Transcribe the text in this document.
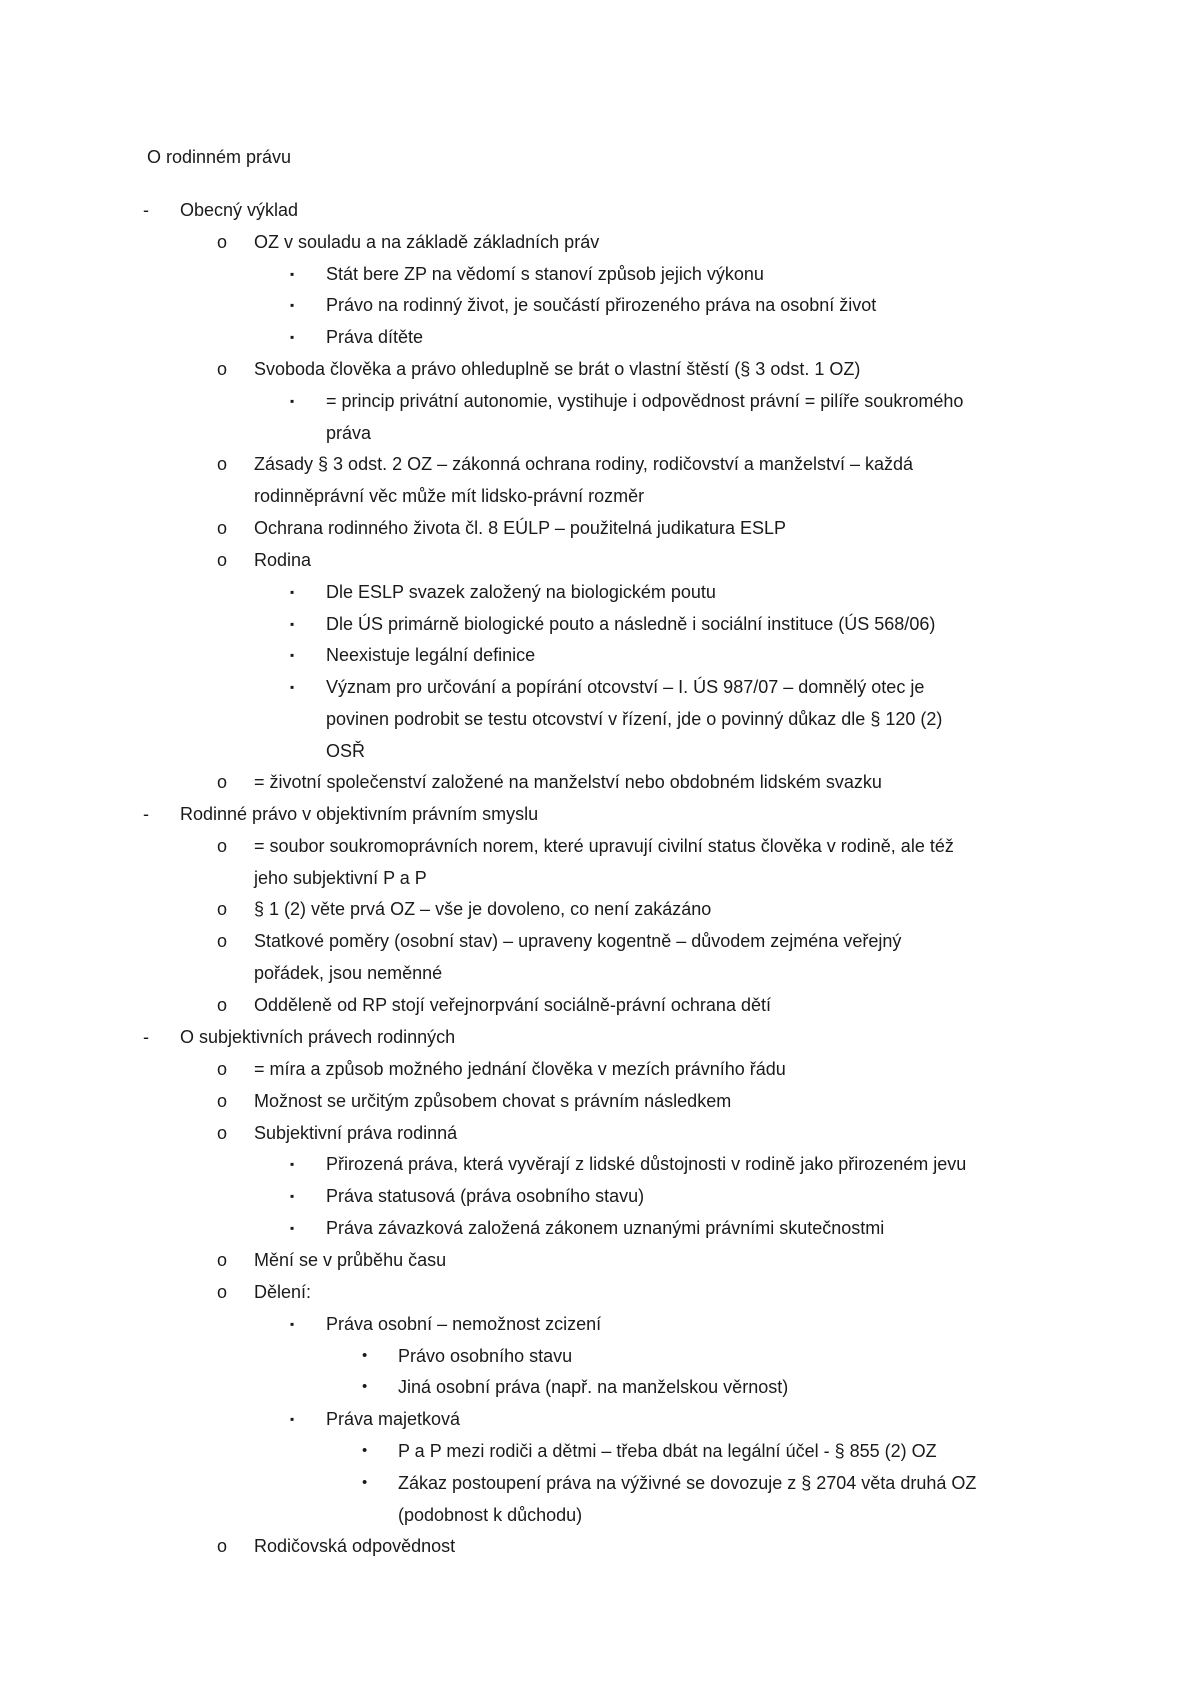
O rodinném právu
- Obecný výklad
o OZ v souladu a na základě základních práv
▪ Stát bere ZP na vědomí s stanoví způsob jejich výkonu
▪ Právo na rodinný život, je součástí přirozeného práva na osobní život
▪ Práva dítěte
o Svoboda člověka a právo ohleduplně se brát o vlastní štěstí (§ 3 odst. 1 OZ)
▪ = princip privátní autonomie, vystihuje i odpovědnost právní = pilíře soukromého
práva
o Zásady § 3 odst. 2 OZ – zákonná ochrana rodiny, rodičovství a manželství – každá
rodinněprávní věc může mít lidsko-právní rozměr
o Ochrana rodinného života čl. 8 EÚLP – použitelná judikatura ESLP
o Rodina
▪ Dle ESLP svazek založený na biologickém poutu
▪ Dle ÚS primárně biologické pouto a následně i sociální instituce (ÚS 568/06)
▪ Neexistuje legální definice
▪ Význam pro určování a popírání otcovství – I. ÚS 987/07 – domnělý otec je
povinen podrobit se testu otcovství v řízení, jde o povinný důkaz dle § 120 (2)
OSŘ
o = životní společenství založené na manželství nebo obdobném lidském svazku
- Rodinné právo v objektivním právním smyslu
o = soubor soukromoprávních norem, které upravují civilní status člověka v rodině, ale též
jeho subjektivní P a P
o § 1 (2) věte prvá OZ – vše je dovoleno, co není zakázáno
o Statkové poměry (osobní stav) – upraveny kogentně – důvodem zejména veřejný
pořádek, jsou neměnné
o Odděleně od RP stojí veřejnorpvání sociálně-právní ochrana dětí
- O subjektivních právech rodinných
o = míra a způsob možného jednání člověka v mezích právního řádu
o Možnost se určitým způsobem chovat s právním následkem
o Subjektivní práva rodinná
▪ Přirozená práva, která vyvěrají z lidské důstojnosti v rodině jako přirozeném jevu
▪ Práva statusová (práva osobního stavu)
▪ Práva závazková založená zákonem uznanými právními skutečnostmi
o Mění se v průběhu času
o Dělení:
▪ Práva osobní – nemožnost zcizení
• Právo osobního stavu
• Jiná osobní práva (např. na manželskou věrnost)
▪ Práva majetková
• P a P mezi rodiči a dětmi – třeba dbát na legální účel - § 855 (2) OZ
• Zákaz postoupení práva na výživné se dovozuje z § 2704 věta druhá OZ
(podobnost k důchodu)
o Rodičovská odpovědnost
